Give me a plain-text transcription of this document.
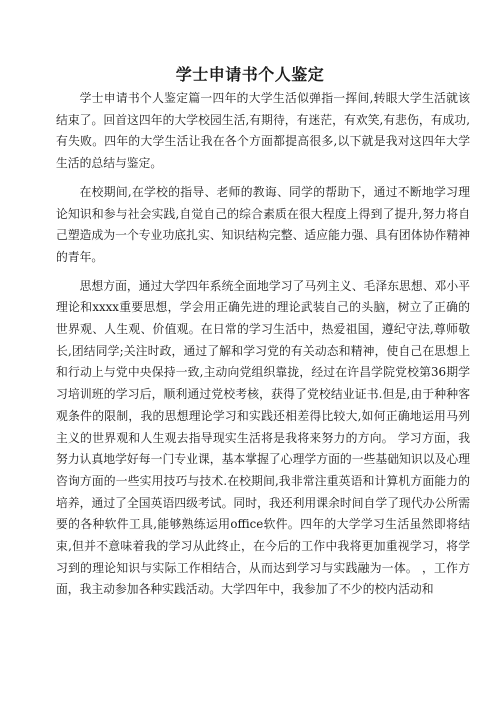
学士申请书个人鉴定

学士申请书个人鉴定篇一四年的大学生活似弹指一挥间,转眼大学生活就该结束了。回首这四年的大学校园生活,有期待，有迷茫，有欢笑,有悲伤，有成功,有失败。四年的大学生活让我在各个方面都提高很多,以下就是我对这四年大学生活的总结与鉴定。

在校期间,在学校的指导、老师的教诲、同学的帮助下，通过不断地学习理论知识和参与社会实践,自觉自己的综合素质在很大程度上得到了提升,努力将自己塑造成为一个专业功底扎实、知识结构完整、适应能力强、具有团体协作精神的青年。

思想方面，通过大学四年系统全面地学习了马列主义、毛泽东思想、邓小平理论和xxxx重要思想，学会用正确先进的理论武装自己的头脑，树立了正确的世界观、人生观、价值观。在日常的学习生活中，热爱祖国，遵纪守法,尊师敬长,团结同学;关注时政，通过了解和学习党的有关动态和精神，使自己在思想上和行动上与党中央保持一致,主动向党组织靠拢，经过在许昌学院党校第36期学习培训班的学习后，顺利通过党校考核，获得了党校结业证书.但是,由于种种客观条件的限制，我的思想理论学习和实践还相差得比较大,如何正确地运用马列主义的世界观和人生观去指导现实生活将是我将来努力的方向。 学习方面，我努力认真地学好每一门专业课，基本掌握了心理学方面的一些基础知识以及心理咨询方面的一些实用技巧与技术.在校期间,我非常注重英语和计算机方面能力的培养，通过了全国英语四级考试。同时，我还利用课余时间自学了现代办公所需要的各种软件工具,能够熟练运用office软件。四年的大学学习生活虽然即将结束,但并不意味着我的学习从此终止，在今后的工作中我将更加重视学习，将学习到的理论知识与实际工作相结合，从而达到学习与实践融为一体。 ，工作方面，我主动参加各种实践活动。大学四年中，我参加了不少的校内活动和
